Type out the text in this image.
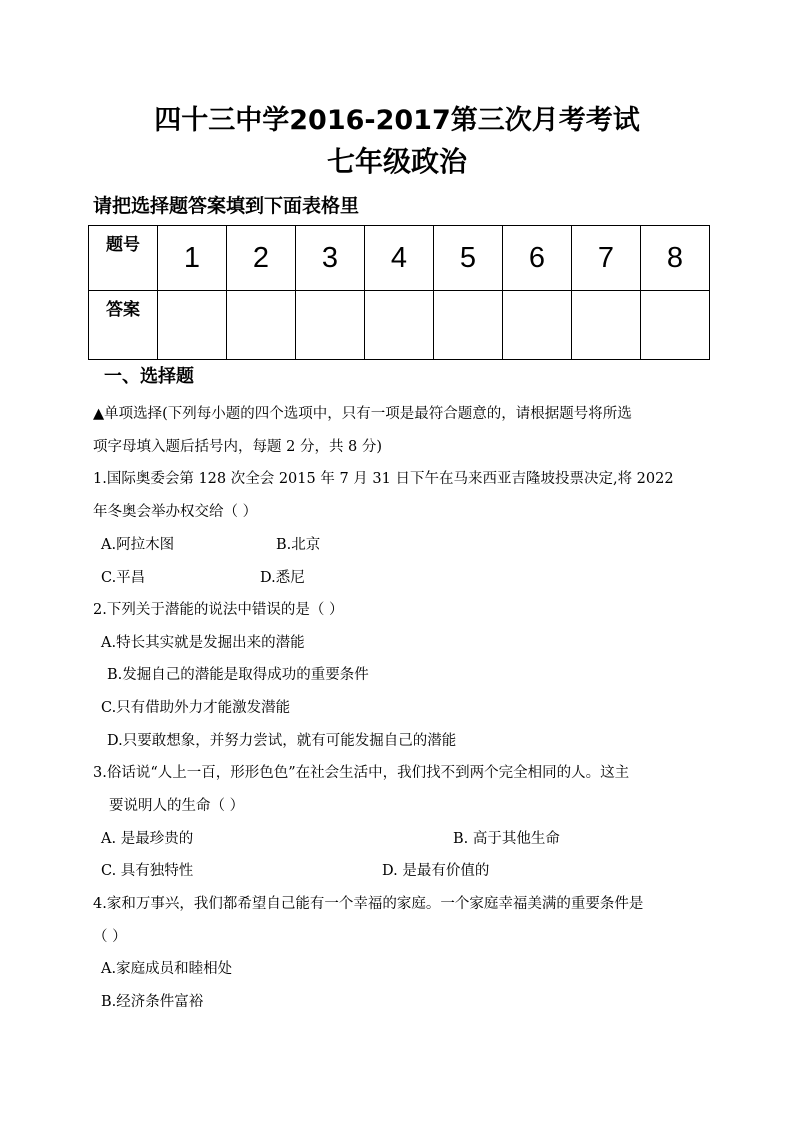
四十三中学2016-2017第三次月考考试
七年级政治
请把选择题答案填到下面表格里
题号	1	2	3	4	5	6	7	8
答案								
一、选择题
▲单项选择(下列每小题的四个选项中，只有一项是最符合题意的，请根据题号将所选
项字母填入题后括号内，每题 2 分，共 8 分)
1.国际奥委会第 128 次全会 2015 年 7 月 31 日下午在马来西亚吉隆坡投票决定,将 2022
年冬奥会举办权交给（ ）
A.阿拉木图	B.北京
C.平昌	D.悉尼
2.下列关于潜能的说法中错误的是（ ）
A.特长其实就是发掘出来的潜能
B.发掘自己的潜能是取得成功的重要条件
C.只有借助外力才能激发潜能
D.只要敢想象，并努力尝试，就有可能发掘自己的潜能
3.俗话说“人上一百，形形色色”在社会生活中，我们找不到两个完全相同的人。这主
要说明人的生命（ ）
A. 是最珍贵的	B. 高于其他生命
C. 具有独特性	D. 是最有价值的
4.家和万事兴，我们都希望自己能有一个幸福的家庭。一个家庭幸福美满的重要条件是
（ ）
A.家庭成员和睦相处
B.经济条件富裕
